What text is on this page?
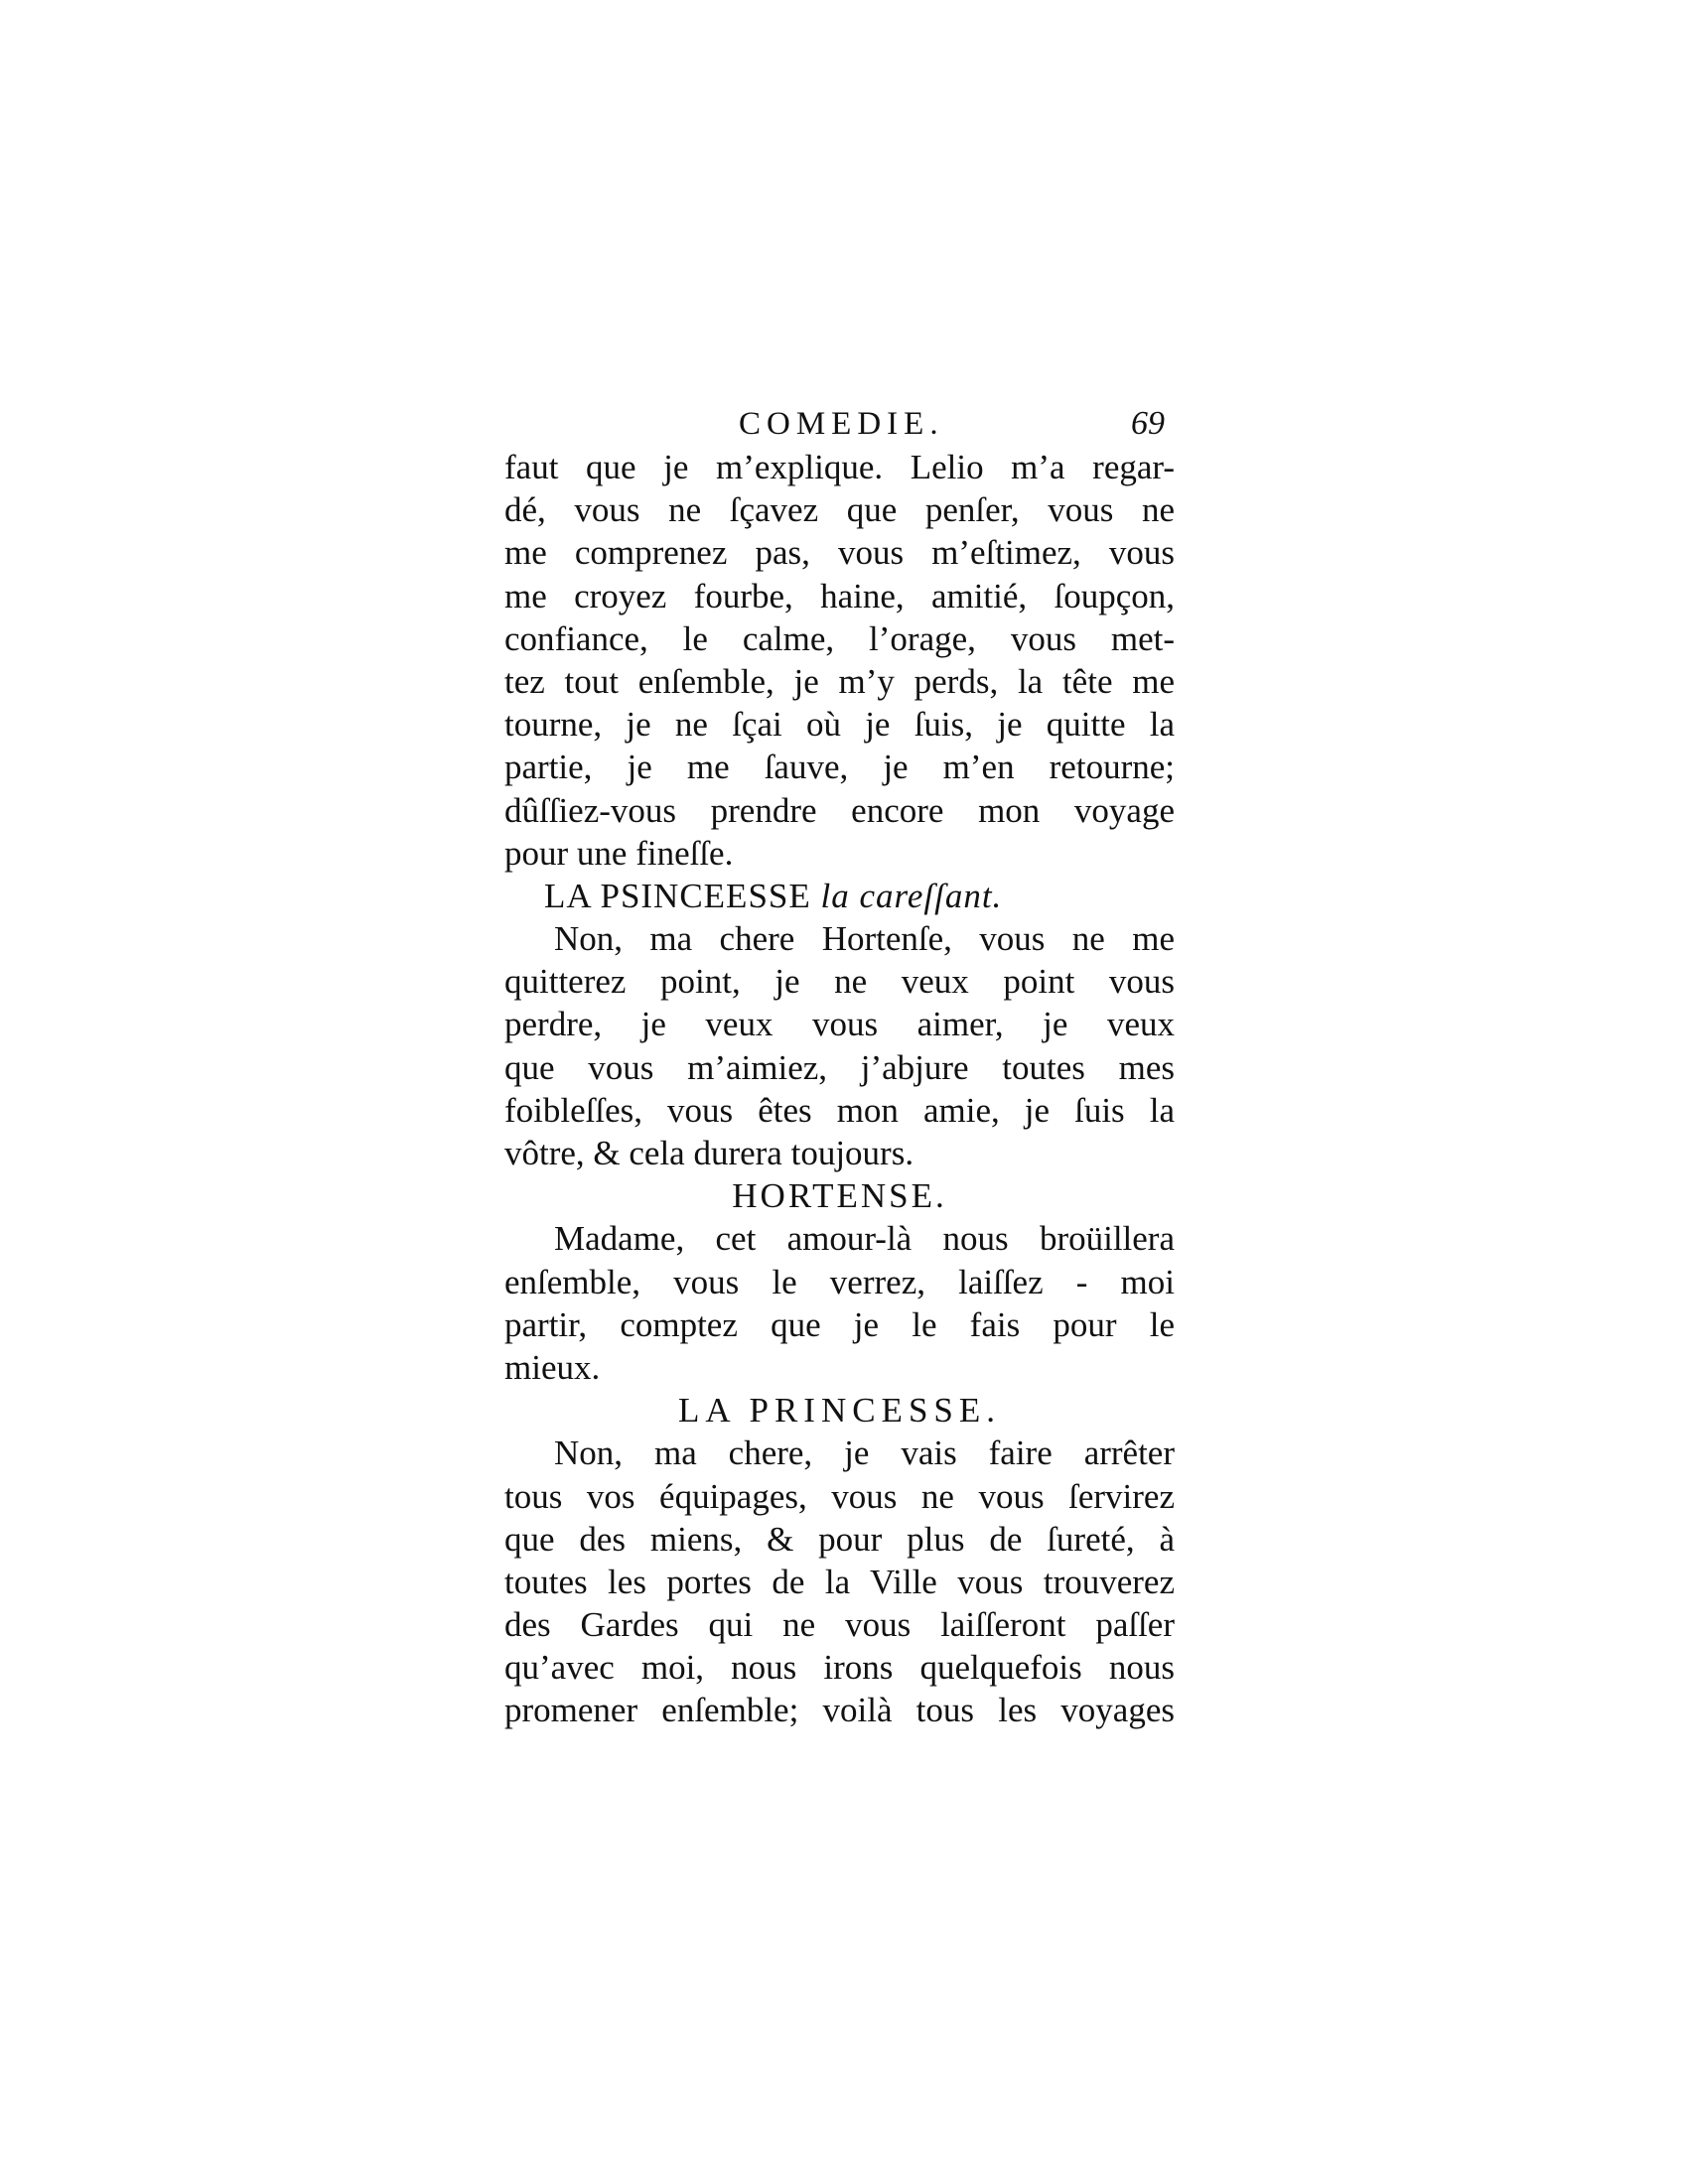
COMEDIE.	69
faut que je m’explique. Lelio m’a regar-
dé, vous ne ſçavez que penſer, vous ne
me comprenez pas, vous m’eſtimez, vous
me croyez fourbe, haine, amitié, ſoupçon,
confiance, le calme, l’orage, vous met-
tez tout enſemble, je m’y perds, la tête me
tourne, je ne ſçai où je ſuis, je quitte la
partie, je me ſauve, je m’en retourne;
dûſſiez-vous prendre encore mon voyage
pour une fineſſe.
LA PSINCEESSE la careſſant.
Non, ma chere Hortenſe, vous ne me
quitterez point, je ne veux point vous
perdre, je veux vous aimer, je veux
que vous m’aimiez, j’abjure toutes mes
foibleſſes, vous êtes mon amie, je ſuis la
vôtre, & cela durera toujours.
HORTENSE.
Madame, cet amour-là nous broüillera
enſemble, vous le verrez, laiſſez - moi
partir, comptez que je le fais pour le
mieux.
LA PRINCESSE.
Non, ma chere, je vais faire arrêter
tous vos équipages, vous ne vous ſervirez
que des miens, & pour plus de ſureté, à
toutes les portes de la Ville vous trouverez
des Gardes qui ne vous laiſſeront paſſer
qu’avec moi, nous irons quelquefois nous
promener enſemble; voilà tous les voyages
